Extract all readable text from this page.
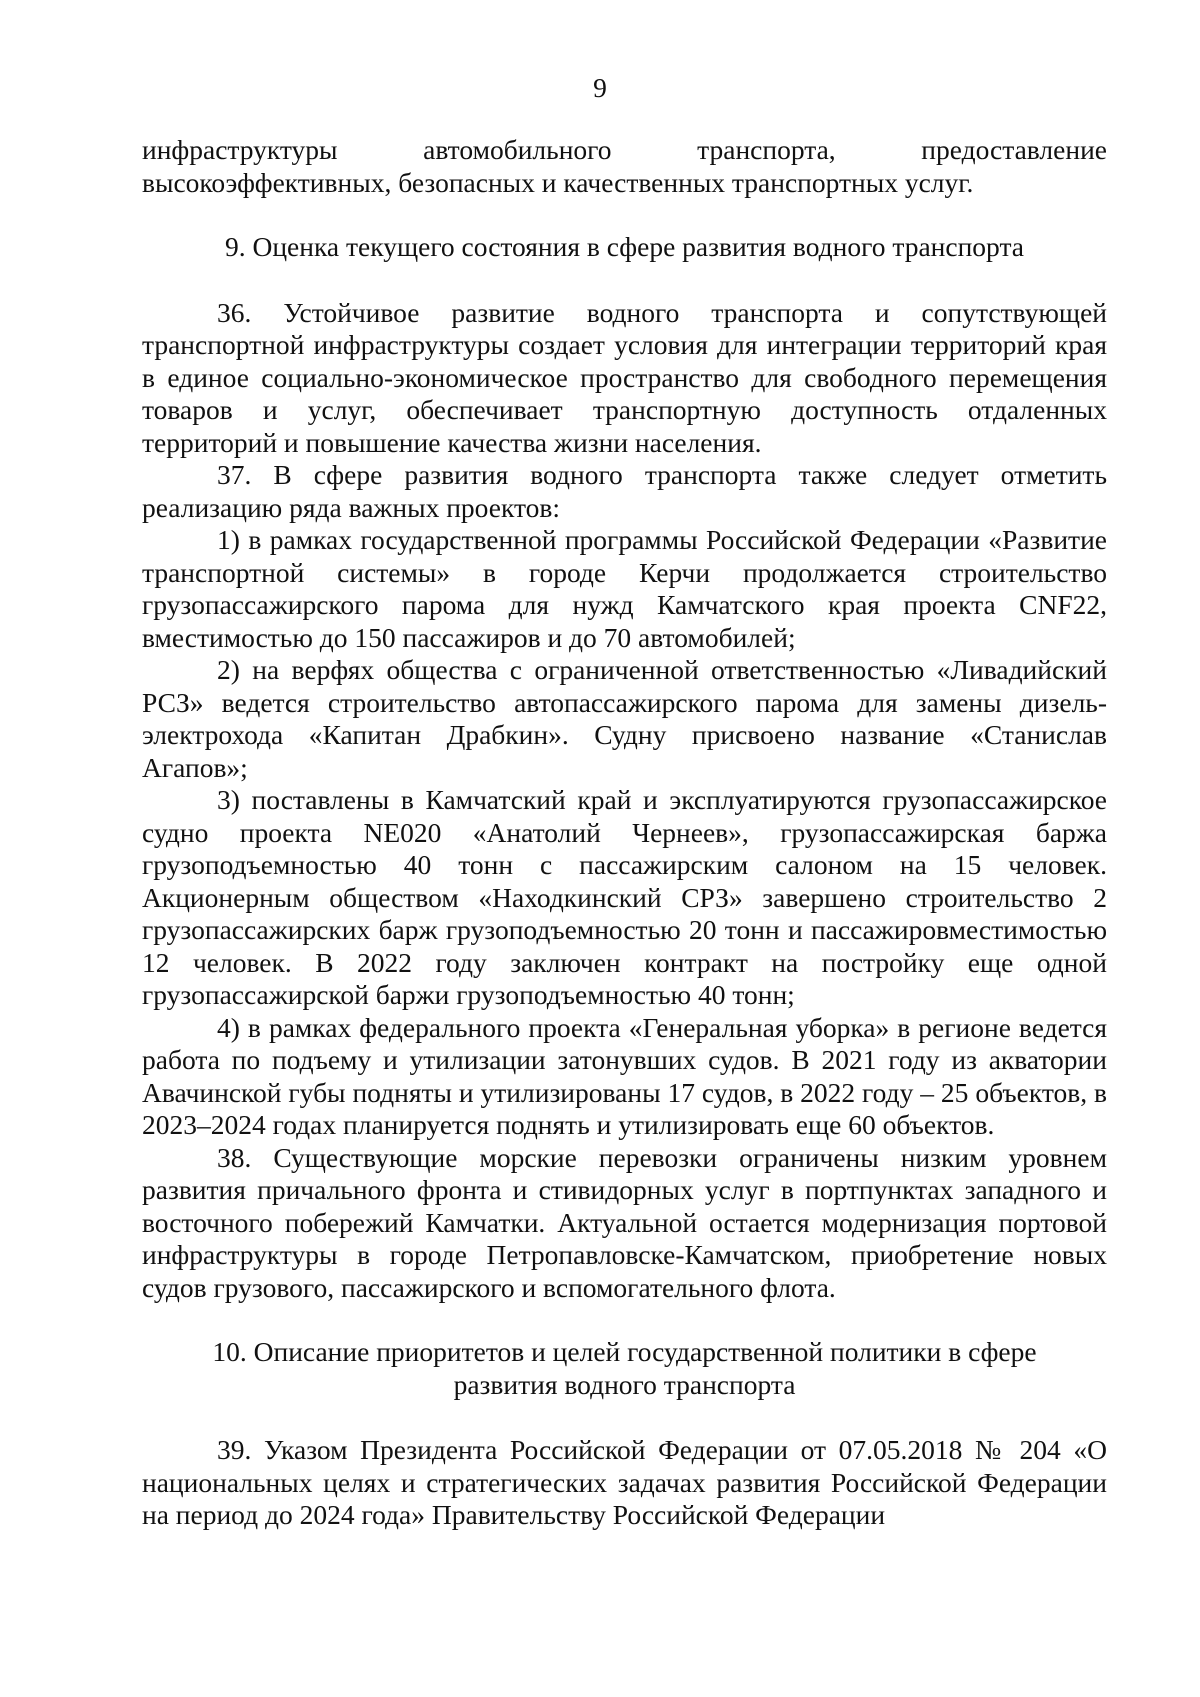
9

инфраструктуры автомобильного транспорта, предоставление высокоэффективных, безопасных и качественных транспортных услуг.

9. Оценка текущего состояния в сфере развития водного транспорта

36. Устойчивое развитие водного транспорта и сопутствующей транспортной инфраструктуры создает условия для интеграции территорий края в единое социально-экономическое пространство для свободного перемещения товаров и услуг, обеспечивает транспортную доступность отдаленных территорий и повышение качества жизни населения.

37. В сфере развития водного транспорта также следует отметить реализацию ряда важных проектов:

1) в рамках государственной программы Российской Федерации «Развитие транспортной системы» в городе Керчи продолжается строительство грузопассажирского парома для нужд Камчатского края проекта CNF22, вместимостью до 150 пассажиров и до 70 автомобилей;

2) на верфях общества с ограниченной ответственностью «Ливадийский РСЗ» ведется строительство автопассажирского парома для замены дизель-электрохода «Капитан Драбкин». Судну присвоено название «Станислав Агапов»;

3) поставлены в Камчатский край и эксплуатируются грузопассажирское судно проекта NE020 «Анатолий Чернеев», грузопассажирская баржа грузоподъемностью 40 тонн с пассажирским салоном на 15 человек. Акционерным обществом «Находкинский СРЗ» завершено строительство 2 грузопассажирских барж грузоподъемностью 20 тонн и пассажировместимостью 12 человек. В 2022 году заключен контракт на постройку еще одной грузопассажирской баржи грузоподъемностью 40 тонн;

4) в рамках федерального проекта «Генеральная уборка» в регионе ведется работа по подъему и утилизации затонувших судов. В 2021 году из акватории Авачинской губы подняты и утилизированы 17 судов, в 2022 году – 25 объектов, в 2023–2024 годах планируется поднять и утилизировать еще 60 объектов.

38. Существующие морские перевозки ограничены низким уровнем развития причального фронта и стивидорных услуг в портпунктах западного и восточного побережий Камчатки. Актуальной остается модернизация портовой инфраструктуры в городе Петропавловске-Камчатском, приобретение новых судов грузового, пассажирского и вспомогательного флота.

10. Описание приоритетов и целей государственной политики в сфере
развития водного транспорта

39. Указом Президента Российской Федерации от 07.05.2018 № 204 «О национальных целях и стратегических задачах развития Российской Федерации на период до 2024 года» Правительству Российской Федерации
